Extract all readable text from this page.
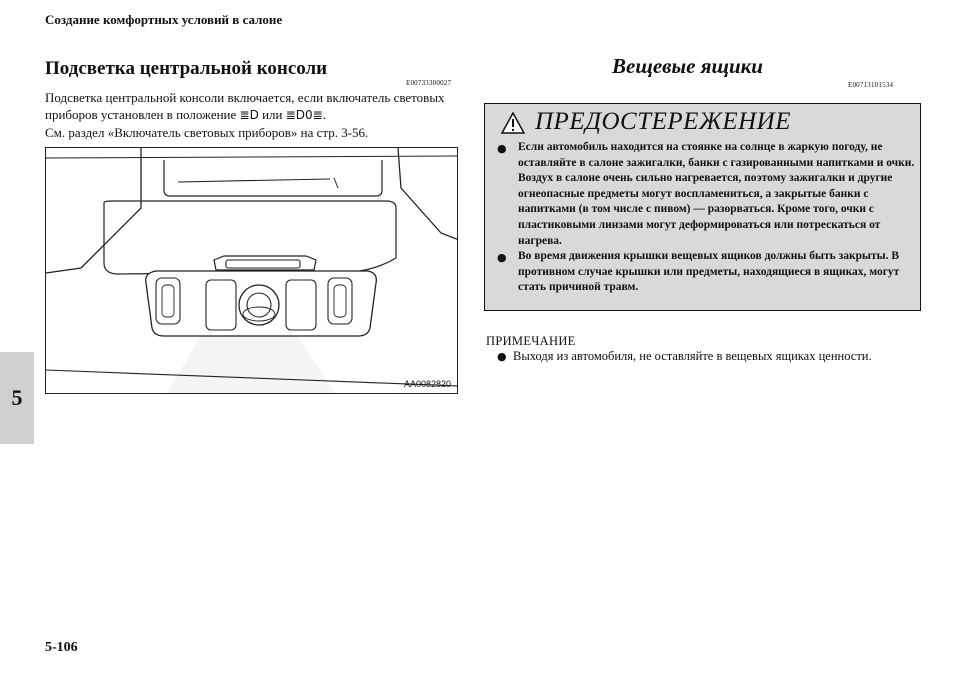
Создание комфортных условий в салоне
5
Подсветка центральной консоли
E00733300027
Подсветка центральной консоли включается, если включатель световых приборов установлен в положение ≣D или ≣D0≣.
См. раздел «Включатель световых приборов» на стр. 3-56.
AA0082820
Вещевые ящики
E00713101534
ПРЕДОСТЕРЕЖЕНИЕ
● Если автомобиль находится на стоянке на солнце в жаркую погоду, не оставляйте в салоне зажигалки, банки с газированными напитками и очки. Воздух в салоне очень сильно нагревается, поэтому зажигалки и другие огнеопасные предметы могут воспламениться, а закрытые банки с напитками (в том числе с пивом) — разорваться. Кроме того, очки с пластиковыми линзами могут деформироваться или потрескаться от нагрева.
● Во время движения крышки вещевых ящиков должны быть закрыты. В противном случае крышки или предметы, находящиеся в ящиках, могут стать причиной травм.
ПРИМЕЧАНИЕ
● Выходя из автомобиля, не оставляйте в вещевых ящиках ценности.
5-106
